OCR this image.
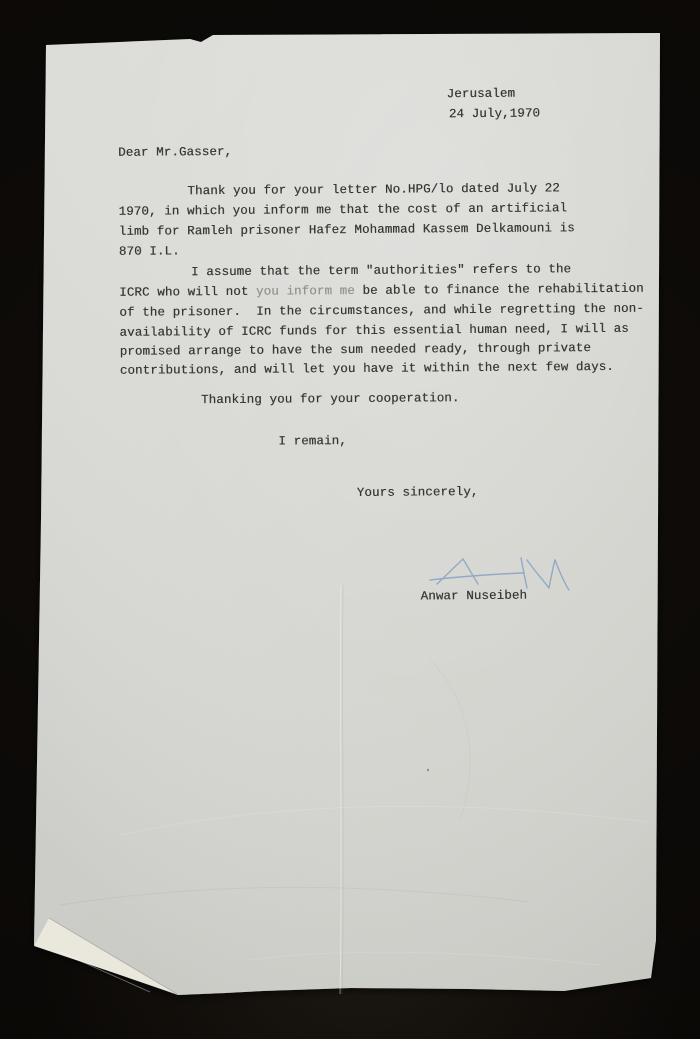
Jerusalem
24 July,1970
Dear Mr.Gasser,
Thank you for your letter No.HPG/lo dated July 22
1970, in which you inform me that the cost of an artificial
limb for Ramleh prisoner Hafez Mohammad Kassem Delkamouni is
870 I.L.
I assume that the term "authorities" refers to the
ICRC who will not you inform me be able to finance the rehabilitation
of the prisoner.  In the circumstances, and while regretting the non-
availability of ICRC funds for this essential human need, I will as
promised arrange to have the sum needed ready, through private
contributions, and will let you have it within the next few days.
Thanking you for your cooperation.
I remain,
Yours sincerely,
Anwar Nuseibeh
